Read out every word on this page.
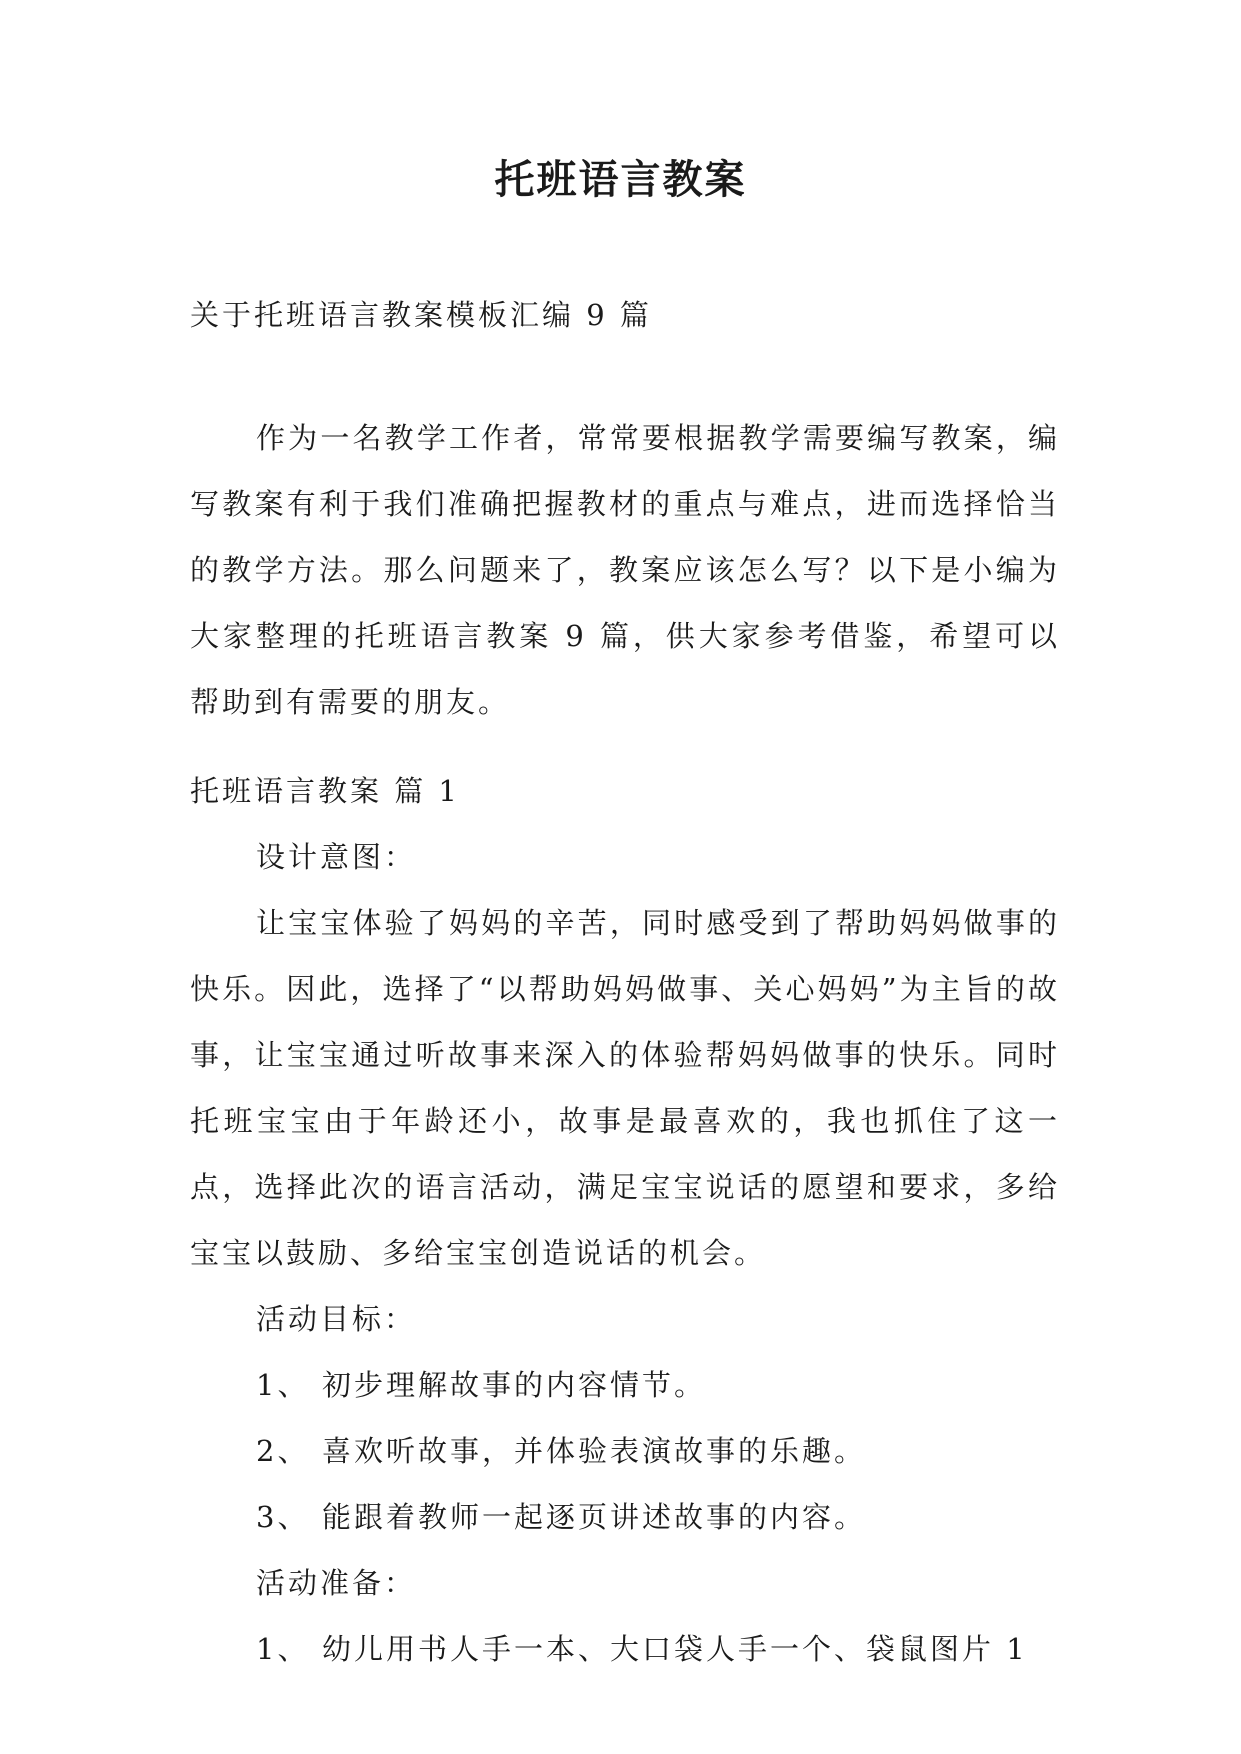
托班语言教案
关于托班语言教案模板汇编 9 篇
作为一名教学工作者，常常要根据教学需要编写教案，编写教案有利于我们准确把握教材的重点与难点，进而选择恰当的教学方法。那么问题来了，教案应该怎么写？以下是小编为大家整理的托班语言教案 9 篇，供大家参考借鉴，希望可以帮助到有需要的朋友。

托班语言教案 篇 1

设计意图：

让宝宝体验了妈妈的辛苦，同时感受到了帮助妈妈做事的快乐。因此，选择了“以帮助妈妈做事、关心妈妈”为主旨的故事，让宝宝通过听故事来深入的体验帮妈妈做事的快乐。同时托班宝宝由于年龄还小，故事是最喜欢的，我也抓住了这一点，选择此次的语言活动，满足宝宝说话的愿望和要求，多给宝宝以鼓励、多给宝宝创造说话的机会。

活动目标：

1、 初步理解故事的内容情节。

2、 喜欢听故事，并体验表演故事的乐趣。

3、 能跟着教师一起逐页讲述故事的内容。

活动准备：

1、 幼儿用书人手一本、大口袋人手一个、袋鼠图片 1
